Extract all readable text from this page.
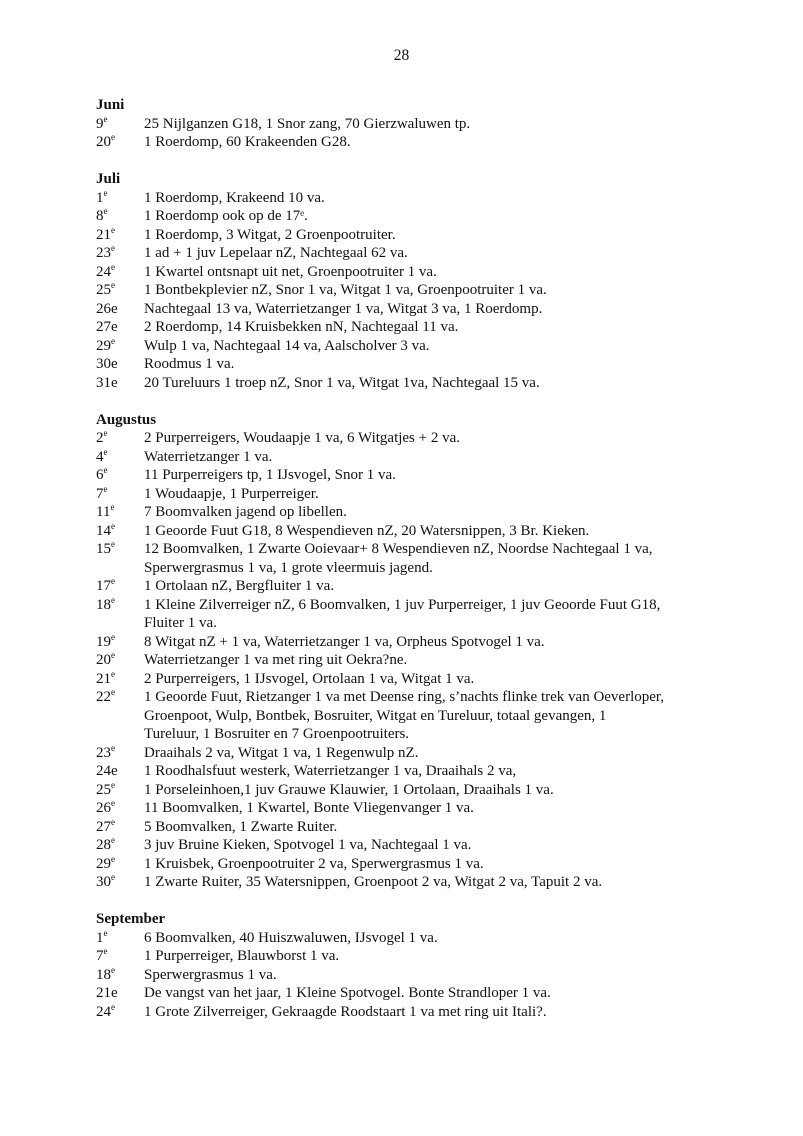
28
Juni
9e	25 Nijlganzen G18, 1 Snor zang, 70 Gierzwaluwen tp.
20e	1 Roerdomp, 60 Krakeenden G28.
Juli
1e	1 Roerdomp, Krakeend 10 va.
8e	1 Roerdomp ook op de 17ᵉ.
21e	1 Roerdomp, 3 Witgat, 2 Groenpootruiter.
23e	1 ad + 1 juv Lepelaar nZ, Nachtegaal 62 va.
24e	1 Kwartel ontsnapt uit net, Groenpootruiter 1 va.
25e	1 Bontbekplevier nZ, Snor 1 va, Witgat 1 va, Groenpootruiter 1 va.
26e	Nachtegaal 13 va, Waterrietzanger 1 va, Witgat 3 va, 1 Roerdomp.
27e	2 Roerdomp, 14 Kruisbekken nN, Nachtegaal 11 va.
29e	Wulp 1 va, Nachtegaal 14 va, Aalscholver 3 va.
30e	Roodmus 1 va.
31e	20 Tureluurs 1 troep nZ, Snor 1 va, Witgat 1va, Nachtegaal 15 va.
Augustus
2e	2 Purperreigers, Woudaapje 1 va, 6 Witgatjes + 2 va.
4e	Waterrietzanger 1 va.
6e	11 Purperreigers tp, 1 IJsvogel, Snor 1 va.
7e	1 Woudaapje, 1 Purperreiger.
11e	7 Boomvalken jagend op libellen.
14e	1 Geoorde Fuut G18, 8 Wespendieven nZ, 20 Watersnippen, 3 Br. Kieken.
15e	12 Boomvalken, 1 Zwarte Ooievaar+ 8 Wespendieven nZ, Noordse Nachtegaal 1 va,
Sperwergrasmus 1 va, 1 grote vleermuis jagend.
17e	1 Ortolaan nZ, Bergfluiter 1 va.
18e	1 Kleine Zilverreiger nZ, 6 Boomvalken, 1 juv Purperreiger, 1 juv Geoorde Fuut G18,
Fluiter 1 va.
19e	8 Witgat nZ + 1 va, Waterrietzanger 1 va, Orpheus Spotvogel 1 va.
20e	Waterrietzanger 1 va met ring uit Oekra?ne.
21e	2 Purperreigers, 1 IJsvogel, Ortolaan 1 va, Witgat 1 va.
22e	1 Geoorde Fuut, Rietzanger 1 va met Deense ring, s’nachts flinke trek van Oeverloper,
Groenpoot, Wulp, Bontbek, Bosruiter, Witgat en Tureluur, totaal gevangen, 1
Tureluur, 1 Bosruiter en 7 Groenpootruiters.
23e	Draaihals 2 va, Witgat 1 va, 1 Regenwulp nZ.
24e	1 Roodhalsfuut westerk, Waterrietzanger 1 va, Draaihals 2 va,
25e	1 Porseleinhoen,1 juv Grauwe Klauwier, 1 Ortolaan, Draaihals 1 va.
26e	11 Boomvalken, 1 Kwartel, Bonte Vliegenvanger 1 va.
27e	5 Boomvalken, 1 Zwarte Ruiter.
28e	3 juv Bruine Kieken, Spotvogel 1 va, Nachtegaal 1 va.
29e	1 Kruisbek, Groenpootruiter 2 va, Sperwergrasmus 1 va.
30e	1 Zwarte Ruiter, 35 Watersnippen, Groenpoot 2 va, Witgat 2 va, Tapuit 2 va.
September
1e	6 Boomvalken, 40 Huiszwaluwen, IJsvogel 1 va.
7e	1 Purperreiger, Blauwborst 1 va.
18e	Sperwergrasmus 1 va.
21e	De vangst van het jaar, 1 Kleine Spotvogel. Bonte Strandloper 1 va.
24e	1 Grote Zilverreiger, Gekraagde Roodstaart 1 va met ring uit Itali?.
